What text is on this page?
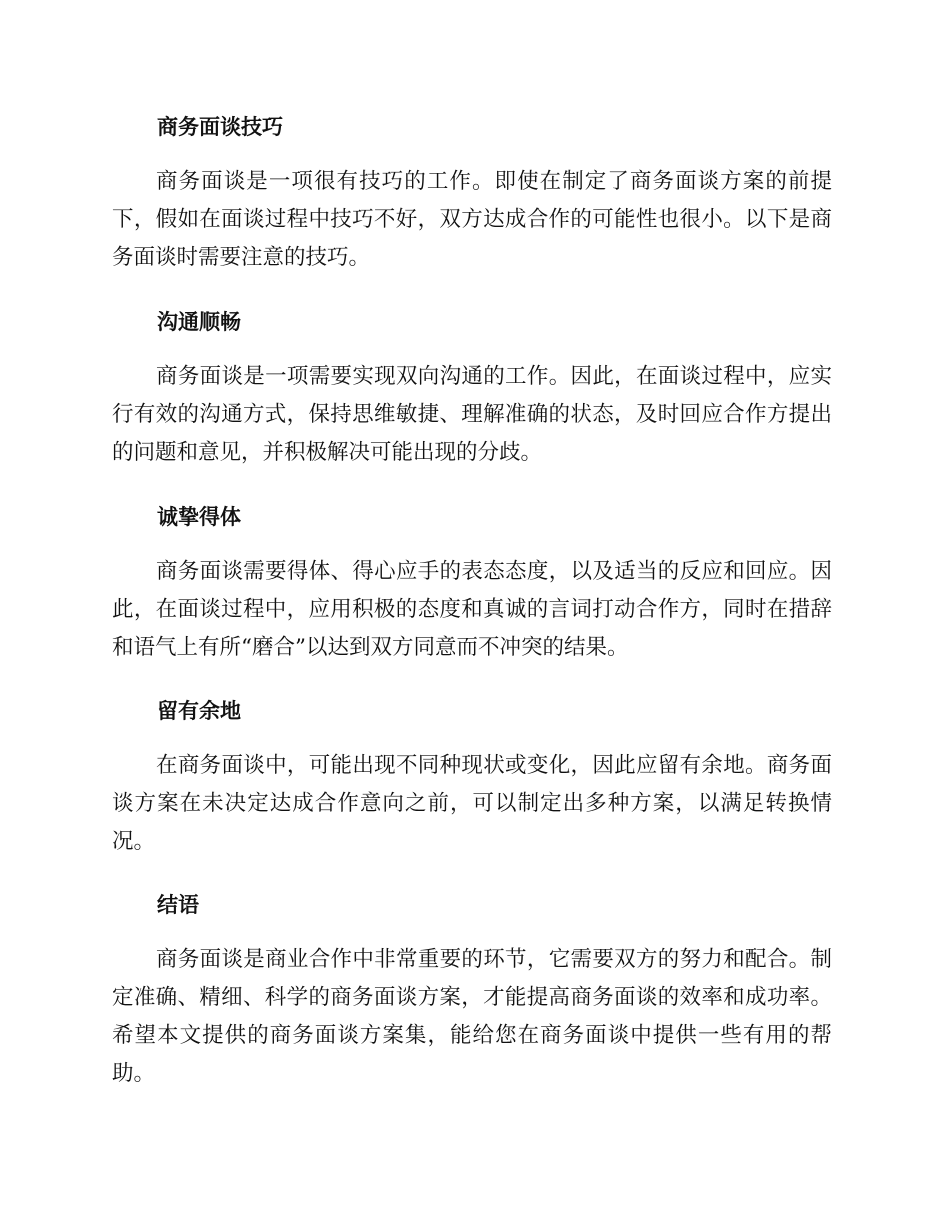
商务面谈技巧

商务面谈是一项很有技巧的工作。即使在制定了商务面谈方案的前提下，假如在面谈过程中技巧不好，双方达成合作的可能性也很小。以下是商务面谈时需要注意的技巧。

沟通顺畅

商务面谈是一项需要实现双向沟通的工作。因此，在面谈过程中，应实行有效的沟通方式，保持思维敏捷、理解准确的状态，及时回应合作方提出的问题和意见，并积极解决可能出现的分歧。

诚挚得体

商务面谈需要得体、得心应手的表态态度，以及适当的反应和回应。因此，在面谈过程中，应用积极的态度和真诚的言词打动合作方，同时在措辞和语气上有所“磨合”以达到双方同意而不冲突的结果。

留有余地

在商务面谈中，可能出现不同种现状或变化，因此应留有余地。商务面谈方案在未决定达成合作意向之前，可以制定出多种方案，以满足转换情况。

结语

商务面谈是商业合作中非常重要的环节，它需要双方的努力和配合。制定准确、精细、科学的商务面谈方案，才能提高商务面谈的效率和成功率。希望本文提供的商务面谈方案集，能给您在商务面谈中提供一些有用的帮助。
